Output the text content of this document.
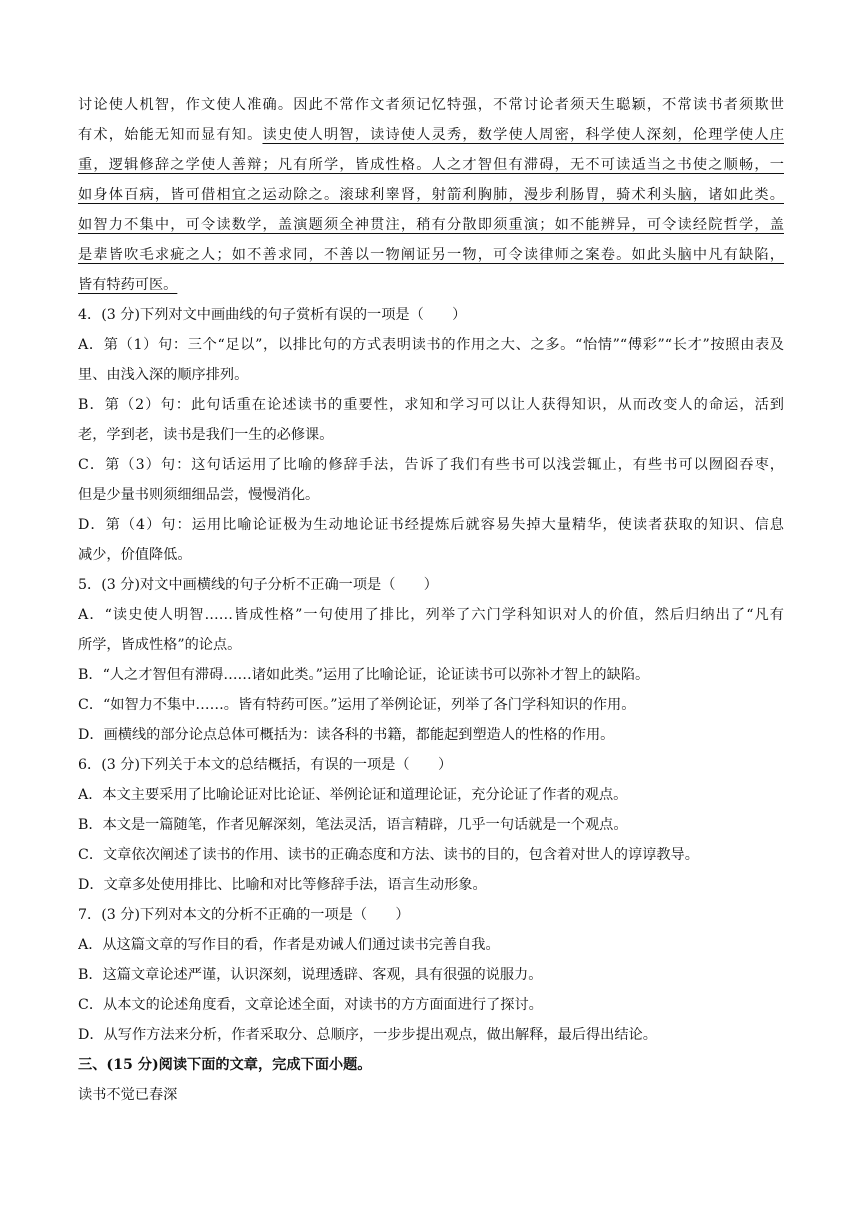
讨论使人机智，作文使人准确。因此不常作文者须记忆特强，不常讨论者须天生聪颖，不常读书者须欺世
有术，始能无知而显有知。读史使人明智，读诗使人灵秀，数学使人周密，科学使人深刻，伦理学使人庄
重，逻辑修辞之学使人善辩；凡有所学，皆成性格。人之才智但有滞碍，无不可读适当之书使之顺畅，一
如身体百病，皆可借相宜之运动除之。滚球利睾肾，射箭利胸肺，漫步利肠胃，骑术利头脑，诸如此类。
如智力不集中，可令读数学，盖演题须全神贯注，稍有分散即须重演；如不能辨异，可令读经院哲学，盖
是辈皆吹毛求疵之人；如不善求同，不善以一物阐证另一物，可令读律师之案卷。如此头脑中凡有缺陷，
皆有特药可医。
4．(3 分)下列对文中画曲线的句子赏析有误的一项是（　　）
A．第（1）句：三个“足以”，以排比句的方式表明读书的作用之大、之多。“怡情”“傅彩”“长才”按照由表及
里、由浅入深的顺序排列。
B．第（2）句：此句话重在论述读书的重要性，求知和学习可以让人获得知识，从而改变人的命运，活到
老，学到老，读书是我们一生的必修课。
C．第（3）句：这句话运用了比喻的修辞手法，告诉了我们有些书可以浅尝辄止，有些书可以囫囵吞枣，
但是少量书则须细细品尝，慢慢消化。
D．第（4）句：运用比喻论证极为生动地论证书经提炼后就容易失掉大量精华，使读者获取的知识、信息
减少，价值降低。
5．(3 分)对文中画横线的句子分析不正确一项是（　　）
A．“读史使人明智……皆成性格”一句使用了排比，列举了六门学科知识对人的价值，然后归纳出了“凡有
所学，皆成性格”的论点。
B．“人之才智但有滞碍……诸如此类。”运用了比喻论证，论证读书可以弥补才智上的缺陷。
C．“如智力不集中……。皆有特药可医。”运用了举例论证，列举了各门学科知识的作用。
D．画横线的部分论点总体可概括为：读各科的书籍，都能起到塑造人的性格的作用。
6．(3 分)下列关于本文的总结概括，有误的一项是（　　）
A．本文主要采用了比喻论证对比论证、举例论证和道理论证，充分论证了作者的观点。
B．本文是一篇随笔，作者见解深刻，笔法灵活，语言精辟，几乎一句话就是一个观点。
C．文章依次阐述了读书的作用、读书的正确态度和方法、读书的目的，包含着对世人的谆谆教导。
D．文章多处使用排比、比喻和对比等修辞手法，语言生动形象。
7．(3 分)下列对本文的分析不正确的一项是（　　）
A．从这篇文章的写作目的看，作者是劝诫人们通过读书完善自我。
B．这篇文章论述严谨，认识深刻，说理透辟、客观，具有很强的说服力。
C．从本文的论述角度看，文章论述全面，对读书的方方面面进行了探讨。
D．从写作方法来分析，作者采取分、总顺序，一步步提出观点，做出解释，最后得出结论。
三、(15 分)阅读下面的文章，完成下面小题。
读书不觉已春深
